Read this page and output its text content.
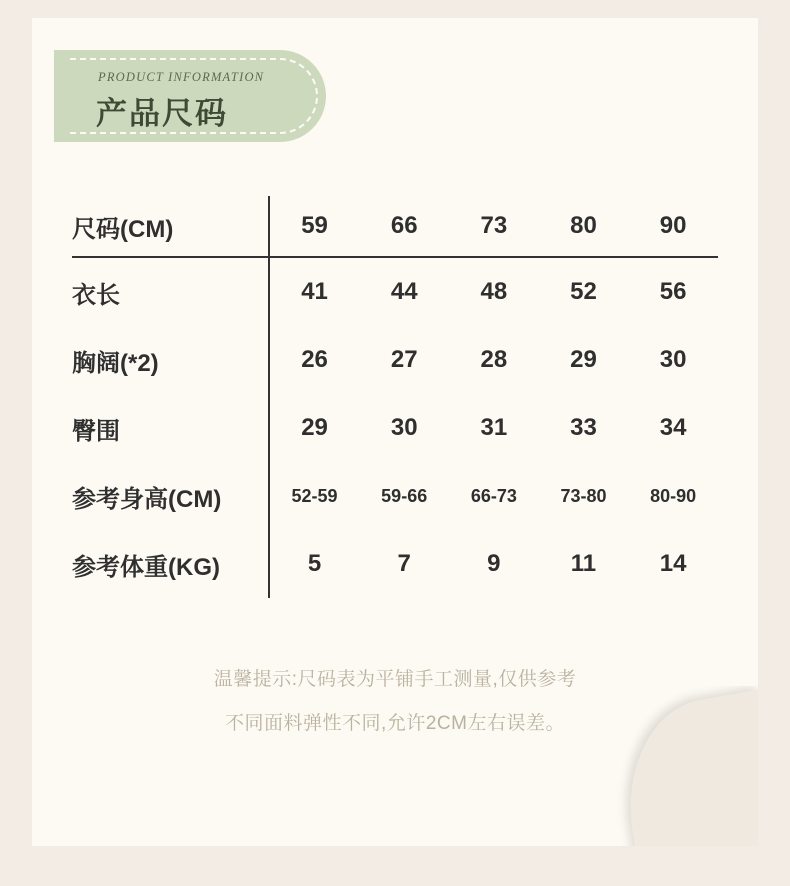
PRODUCT INFORMATION
产品尺码
尺码(CM)	59	66	73	80	90
衣长	41	44	48	52	56
胸阔(*2)	26	27	28	29	30
臀围	29	30	31	33	34
参考身高(CM)	52-59	59-66	66-73	73-80	80-90
参考体重(KG)	5	7	9	11	14
温馨提示:尺码表为平铺手工测量,仅供参考
不同面料弹性不同,允许2CM左右误差。
